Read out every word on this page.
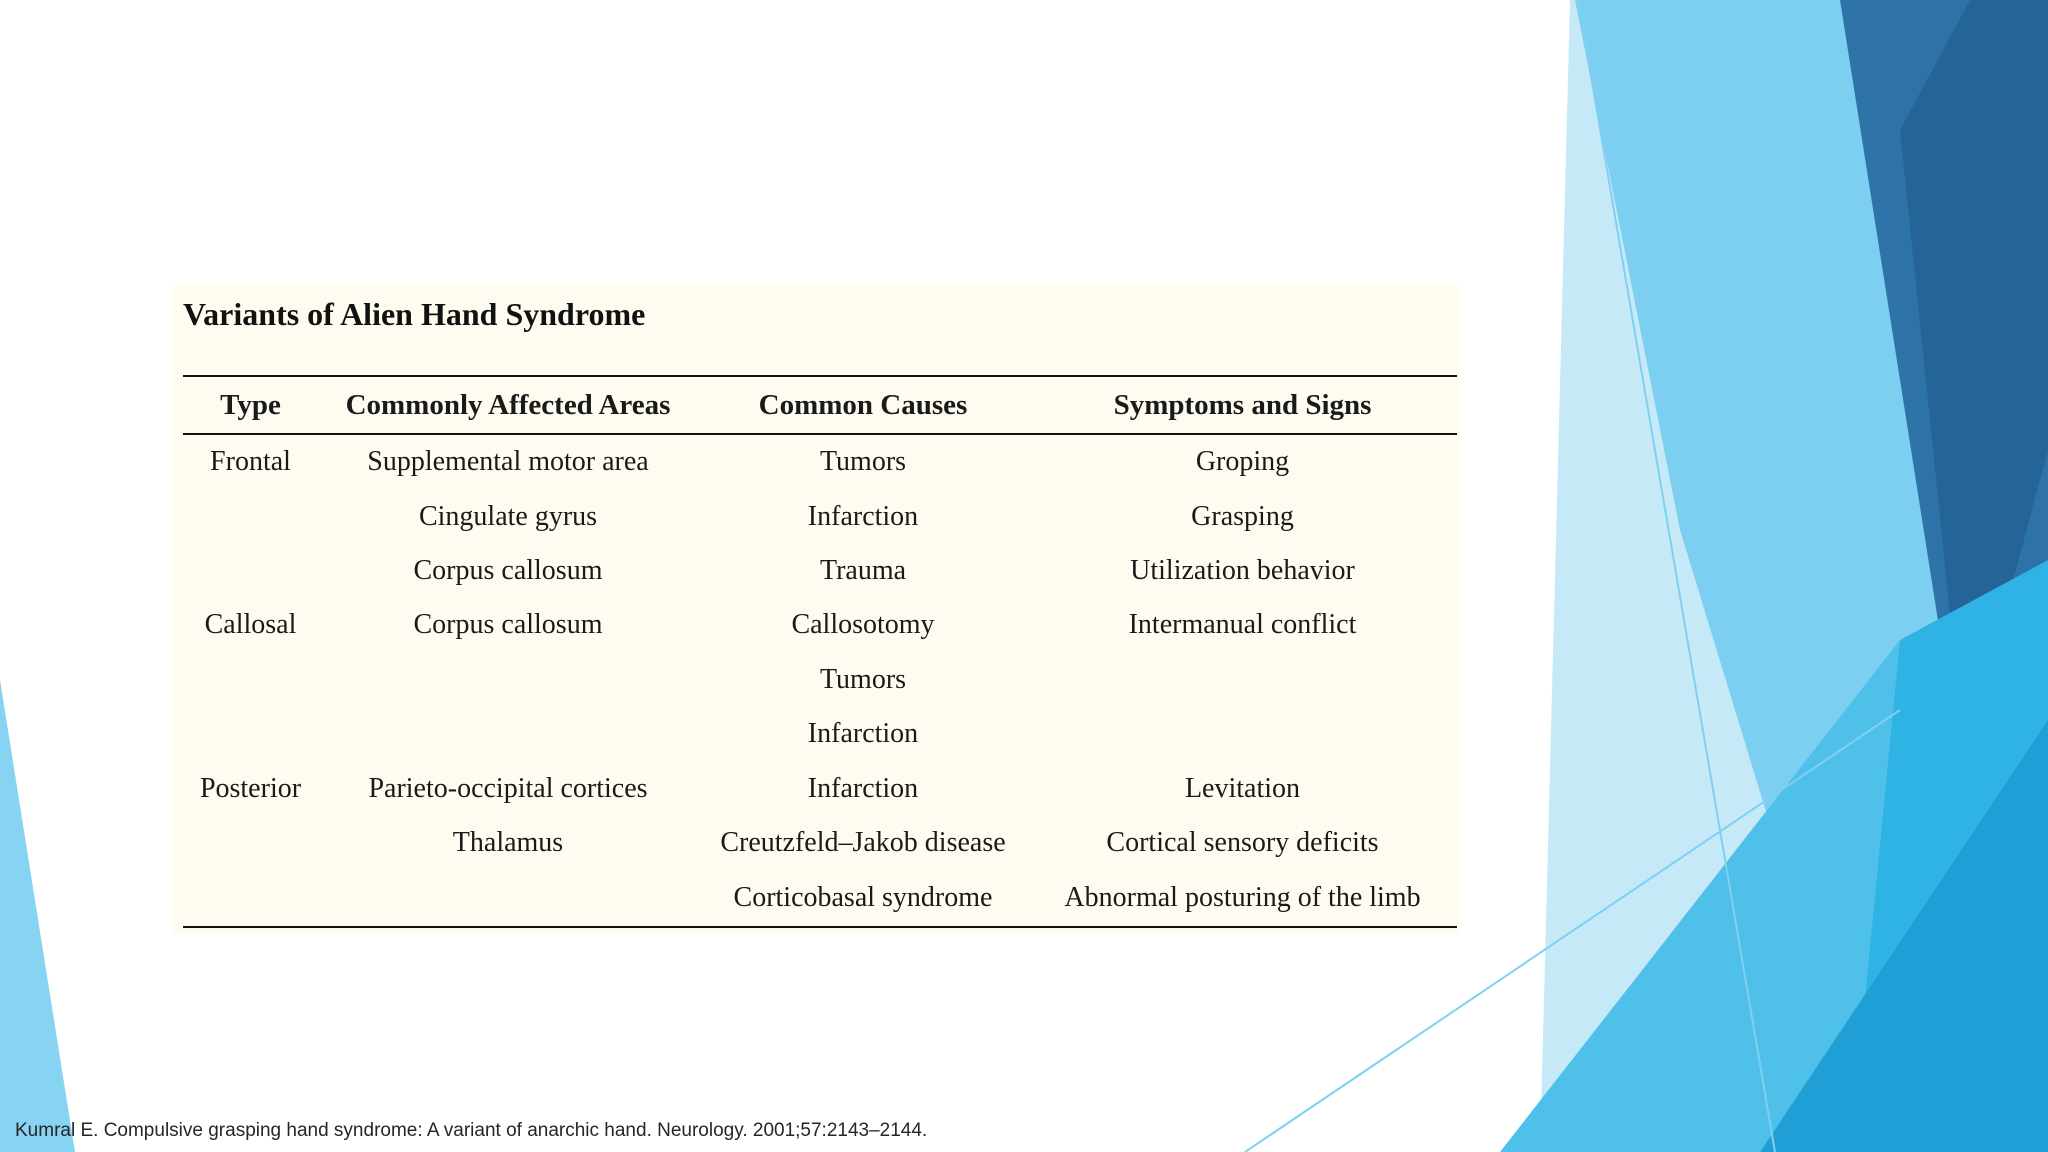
Variants of Alien Hand Syndrome
Type	Commonly Affected Areas	Common Causes	Symptoms and Signs
Frontal	Supplemental motor area	Tumors	Groping
	Cingulate gyrus	Infarction	Grasping
	Corpus callosum	Trauma	Utilization behavior
Callosal	Corpus callosum	Callosotomy	Intermanual conflict
		Tumors	
		Infarction	
Posterior	Parieto-occipital cortices	Infarction	Levitation
	Thalamus	Creutzfeld–Jakob disease	Cortical sensory deficits
		Corticobasal syndrome	Abnormal posturing of the limb
Kumral E. Compulsive grasping hand syndrome: A variant of anarchic hand. Neurology. 2001;57:2143–2144.
